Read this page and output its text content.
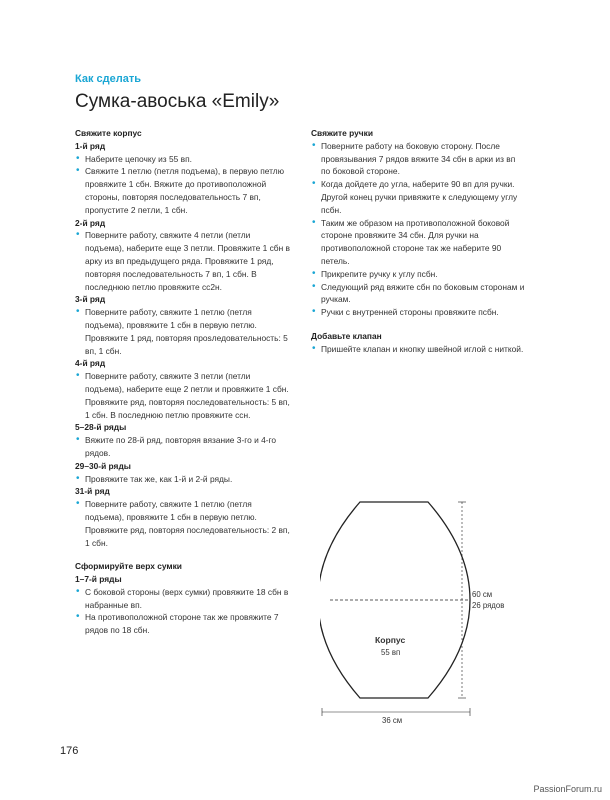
Как сделать
Сумка-авоська «Emily»
Свяжите корпус
1-й ряд
• Наберите цепочку из 55 вп.
• Свяжите 1 петлю (петля подъема), в первую петлю провяжите 1 сбн. Вяжите до противоположной стороны, повторяя последовательность 7 вп, пропустите 2 петли, 1 сбн.
2-й ряд
• Поверните работу, свяжите 4 петли (петли подъема), наберите еще 3 петли. Провяжите 1 сбн в арку из вп предыдущего ряда. Провяжите 1 ряд, повторяя последовательность 7 вп, 1 сбн. В последнюю петлю провяжите сс2н.
3-й ряд
• Поверните работу, свяжите 1 петлю (петля подъема), провяжите 1 сбн в первую петлю. Провяжите 1 ряд, повторяя пposледовательность: 5 вп, 1 сбн.
4-й ряд
• Поверните работу, свяжите 3 петли (петли подъема), наберите еще 2 петли и провяжите 1 сбн. Провяжите ряд, повторяя последовательность: 5 вп, 1 сбн. В последнюю петлю провяжите ссн.
5–28-й ряды
• Вяжите по 28-й ряд, повторяя вязание 3-го и 4-го рядов.
29–30-й ряды
• Провяжите так же, как 1-й и 2-й ряды.
31-й ряд
• Поверните работу, свяжите 1 петлю (петля подъема), провяжите 1 сбн в первую петлю. Провяжите ряд, повторяя последовательность: 2 вп, 1 сбн.
Сформируйте верх сумки
1–7-й ряды
• С боковой стороны (верх сумки) провяжите 18 сбн в набранные вп.
• На противоположной стороне так же провяжите 7 рядов по 18 сбн.
Свяжите ручки
• Поверните работу на боковую сторону. После провязывания 7 рядов вяжите 34 сбн в арки из вп по боковой стороне.
• Когда дойдете до угла, наберите 90 вп для ручки. Другой конец ручки привяжите к следующему углу псбн.
• Таким же образом на противоположной боковой стороне провяжите 34 сбн. Для ручки на противоположной стороне так же наберите 90 петель.
• Прикрепите ручку к углу псбн.
• Следующий ряд вяжите сбн по боковым сторонам и ручкам.
• Ручки с внутренней стороны провяжите псбн.
Добавьте клапан
• Пришейте клапан и кнопку швейной иглой с ниткой.
Корпус
55 вп
60 см
26 рядов
36 см
176
PassionForum.ru
